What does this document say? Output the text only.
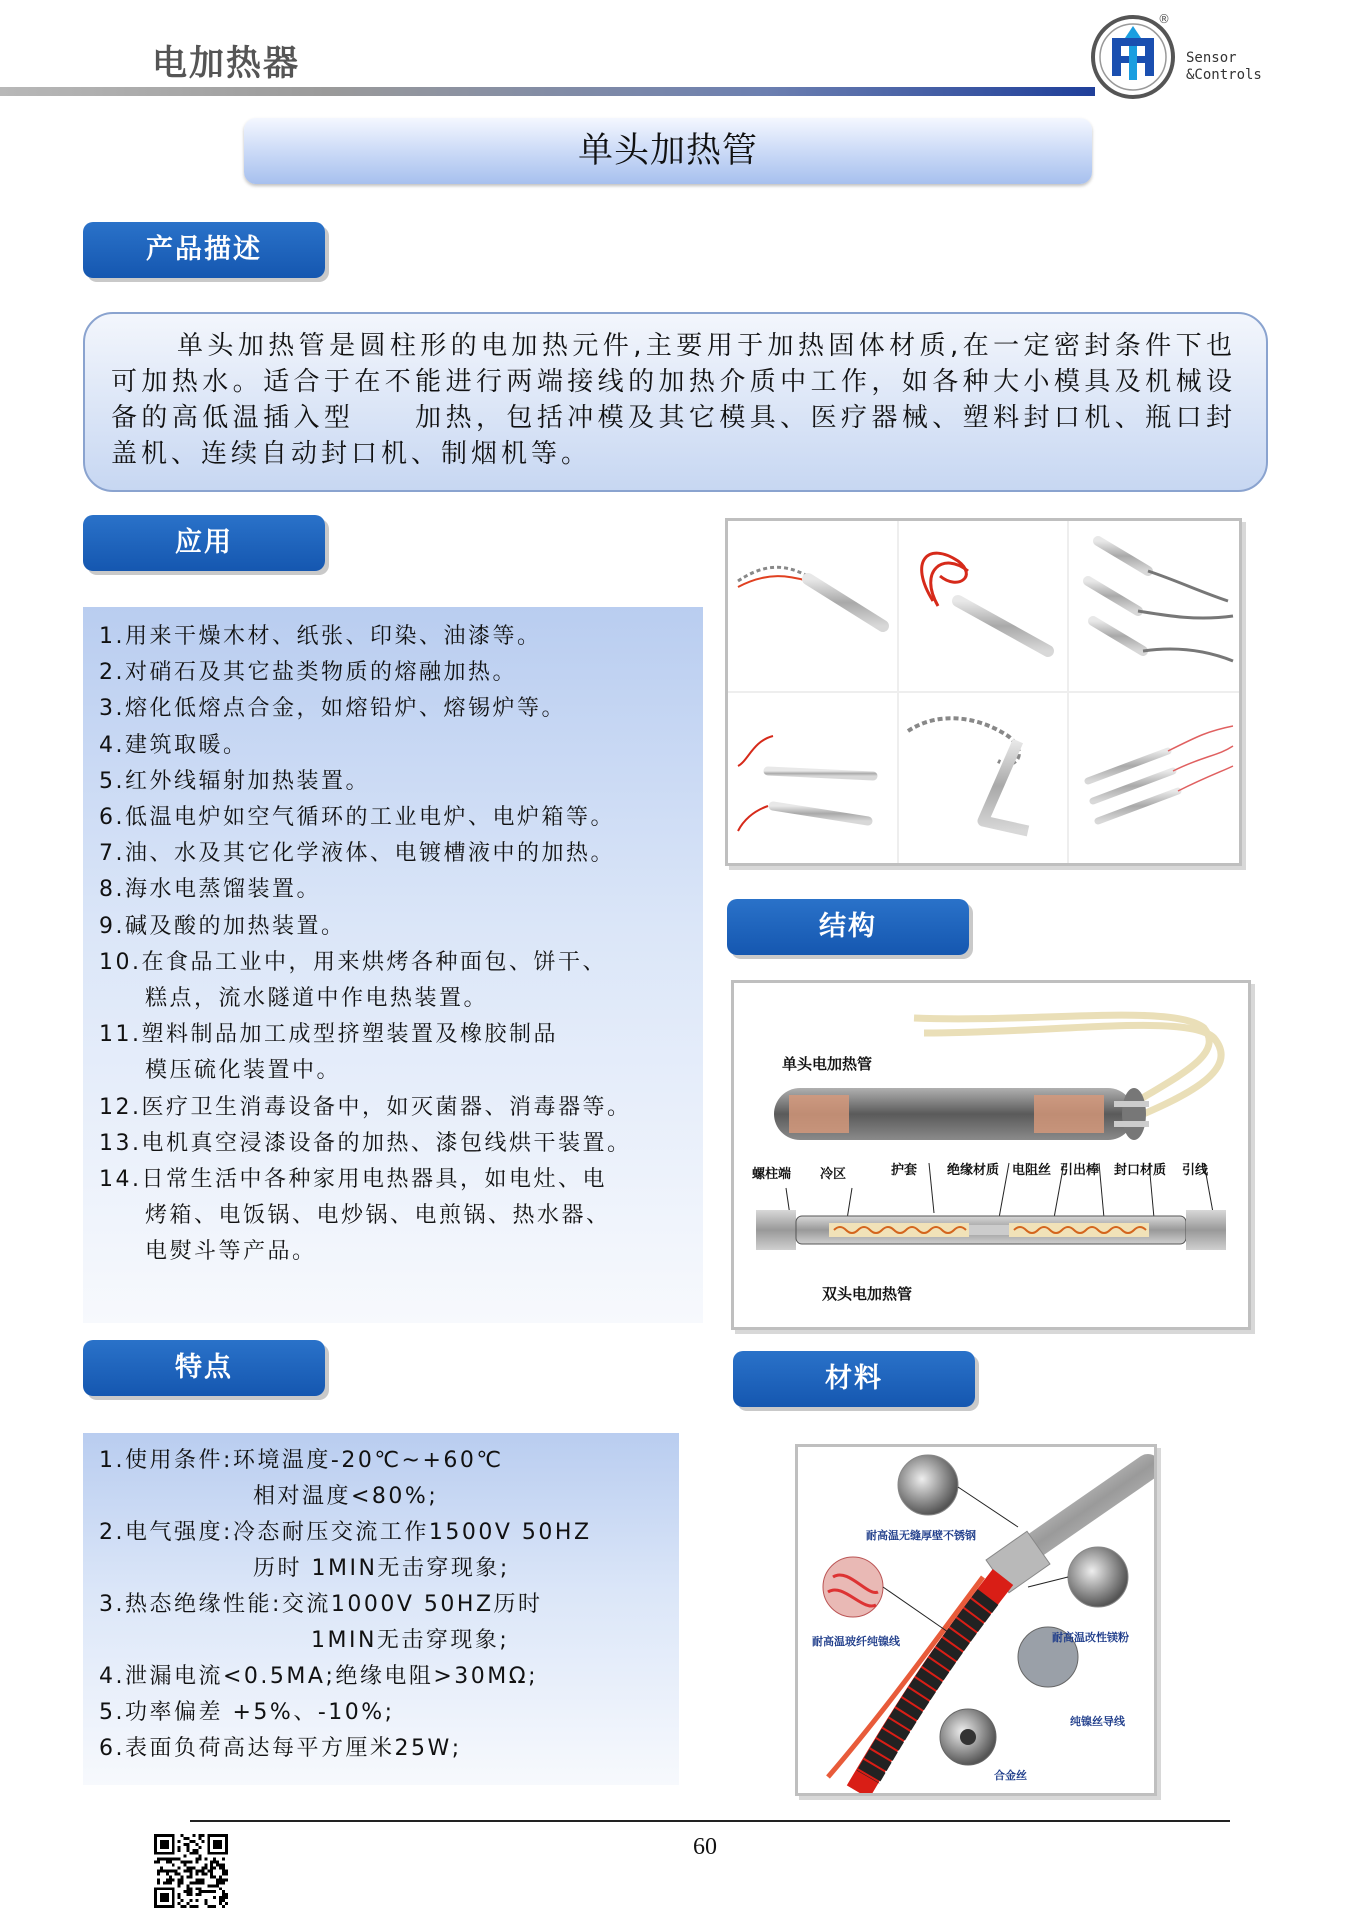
电加热器
®
Sensor
&Controls
单头加热管
产品描述
单头加热管是圆柱形的电加热元件,主要用于加热固体材质,在一定密封条件下也可加热水。适合于在不能进行两端接线的加热介质中工作，如各种大小模具及机械设备的高低温插入型　　加热，包括冲模及其它模具、医疗器械、塑料封口机、瓶口封盖机、连续自动封口机、制烟机等。
应用
1.用来干燥木材、纸张、印染、油漆等。
2.对硝石及其它盐类物质的熔融加热。
3.熔化低熔点合金，如熔铅炉、熔锡炉等。
4.建筑取暖。
5.红外线辐射加热装置。
6.低温电炉如空气循环的工业电炉、电炉箱等。
7.油、水及其它化学液体、电镀槽液中的加热。
8.海水电蒸馏装置。
9.碱及酸的加热装置。
10.在食品工业中，用来烘烤各种面包、饼干、
糕点，流水隧道中作电热装置。
11.塑料制品加工成型挤塑装置及橡胶制品
模压硫化装置中。
12.医疗卫生消毒设备中，如灭菌器、消毒器等。
13.电机真空浸漆设备的加热、漆包线烘干装置。
14.日常生活中各种家用电热器具，如电灶、电
烤箱、电饭锅、电炒锅、电煎锅、热水器、
电熨斗等产品。
结构
单头电加热管
双头电加热管
螺柱端 冷区	护套 绝缘材质 电阻丝 引出棒 封口材质 引线
特点
1.使用条件:环境温度-20℃~+60℃
相对温度<80%;
2.电气强度:冷态耐压交流工作1500V 50HZ
历时 1MIN无击穿现象;
3.热态绝缘性能:交流1000V 50HZ历时
1MIN无击穿现象;
4.泄漏电流<0.5MA;绝缘电阻>30MΩ;
5.功率偏差 +5%、-10%;
6.表面负荷高达每平方厘米25W;
材料
耐高温无缝厚壁不锈钢
耐高温玻纤纯镍线	耐高温改性镁粉
纯镍丝导线
合金丝
60
